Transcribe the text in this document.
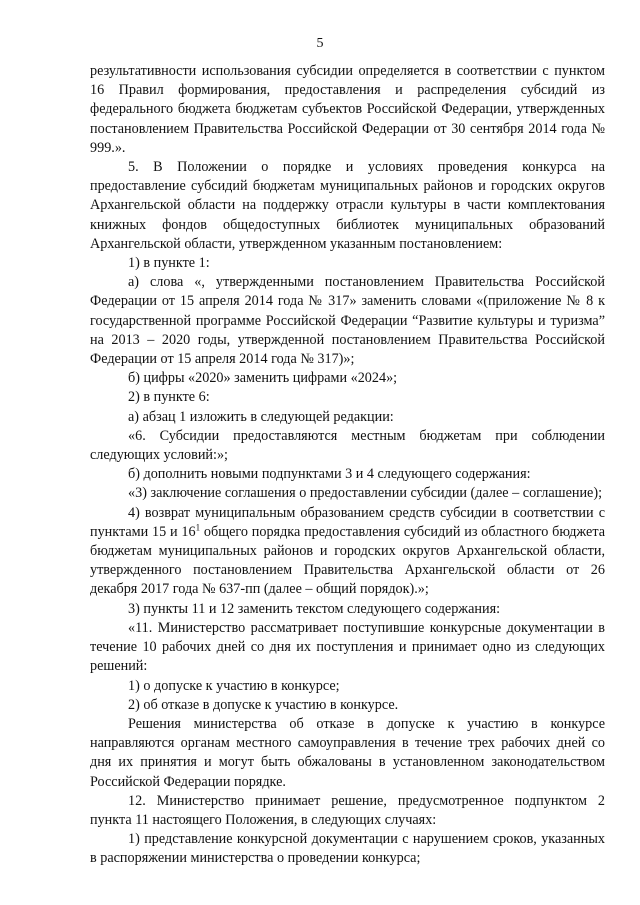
5

результативности использования субсидии определяется в соответствии с пунктом 16 Правил формирования, предоставления и распределения субсидий из федерального бюджета бюджетам субъектов Российской Федерации, утвержденных постановлением Правительства Российской Федерации от 30 сентября 2014 года № 999.».

5. В Положении о порядке и условиях проведения конкурса на предоставление субсидий бюджетам муниципальных районов и городских округов Архангельской области на поддержку отрасли культуры в части комплектования книжных фондов общедоступных библиотек муниципальных образований Архангельской области, утвержденном указанным постановлением:

1) в пункте 1:

а) слова «, утвержденными постановлением Правительства Российской Федерации от 15 апреля 2014 года № 317» заменить словами «(приложение № 8 к государственной программе Российской Федерации “Развитие культуры и туризма” на 2013 – 2020 годы, утвержденной постановлением Правительства Российской Федерации от 15 апреля 2014 года № 317)»;

б) цифры «2020» заменить цифрами «2024»;

2) в пункте 6:

а) абзац 1 изложить в следующей редакции:

«6. Субсидии предоставляются местным бюджетам при соблюдении следующих условий:»;

б) дополнить новыми подпунктами 3 и 4 следующего содержания:

«3) заключение соглашения о предоставлении субсидии (далее – соглашение);

4) возврат муниципальным образованием средств субсидии в соответствии с пунктами 15 и $16^1$ общего порядка предоставления субсидий из областного бюджета бюджетам муниципальных районов и городских округов Архангельской области, утвержденного постановлением Правительства Архангельской области от 26 декабря 2017 года № 637-пп (далее – общий порядок).»;

3) пункты 11 и 12 заменить текстом следующего содержания:

«11. Министерство рассматривает поступившие конкурсные документации в течение 10 рабочих дней со дня их поступления и принимает одно из следующих решений:

1) о допуске к участию в конкурсе;

2) об отказе в допуске к участию в конкурсе.

Решения министерства об отказе в допуске к участию в конкурсе направляются органам местного самоуправления в течение трех рабочих дней со дня их принятия и могут быть обжалованы в установленном законодательством Российской Федерации порядке.

12. Министерство принимает решение, предусмотренное подпунктом 2 пункта 11 настоящего Положения, в следующих случаях:

1) представление конкурсной документации с нарушением сроков, указанных в распоряжении министерства о проведении конкурса;
